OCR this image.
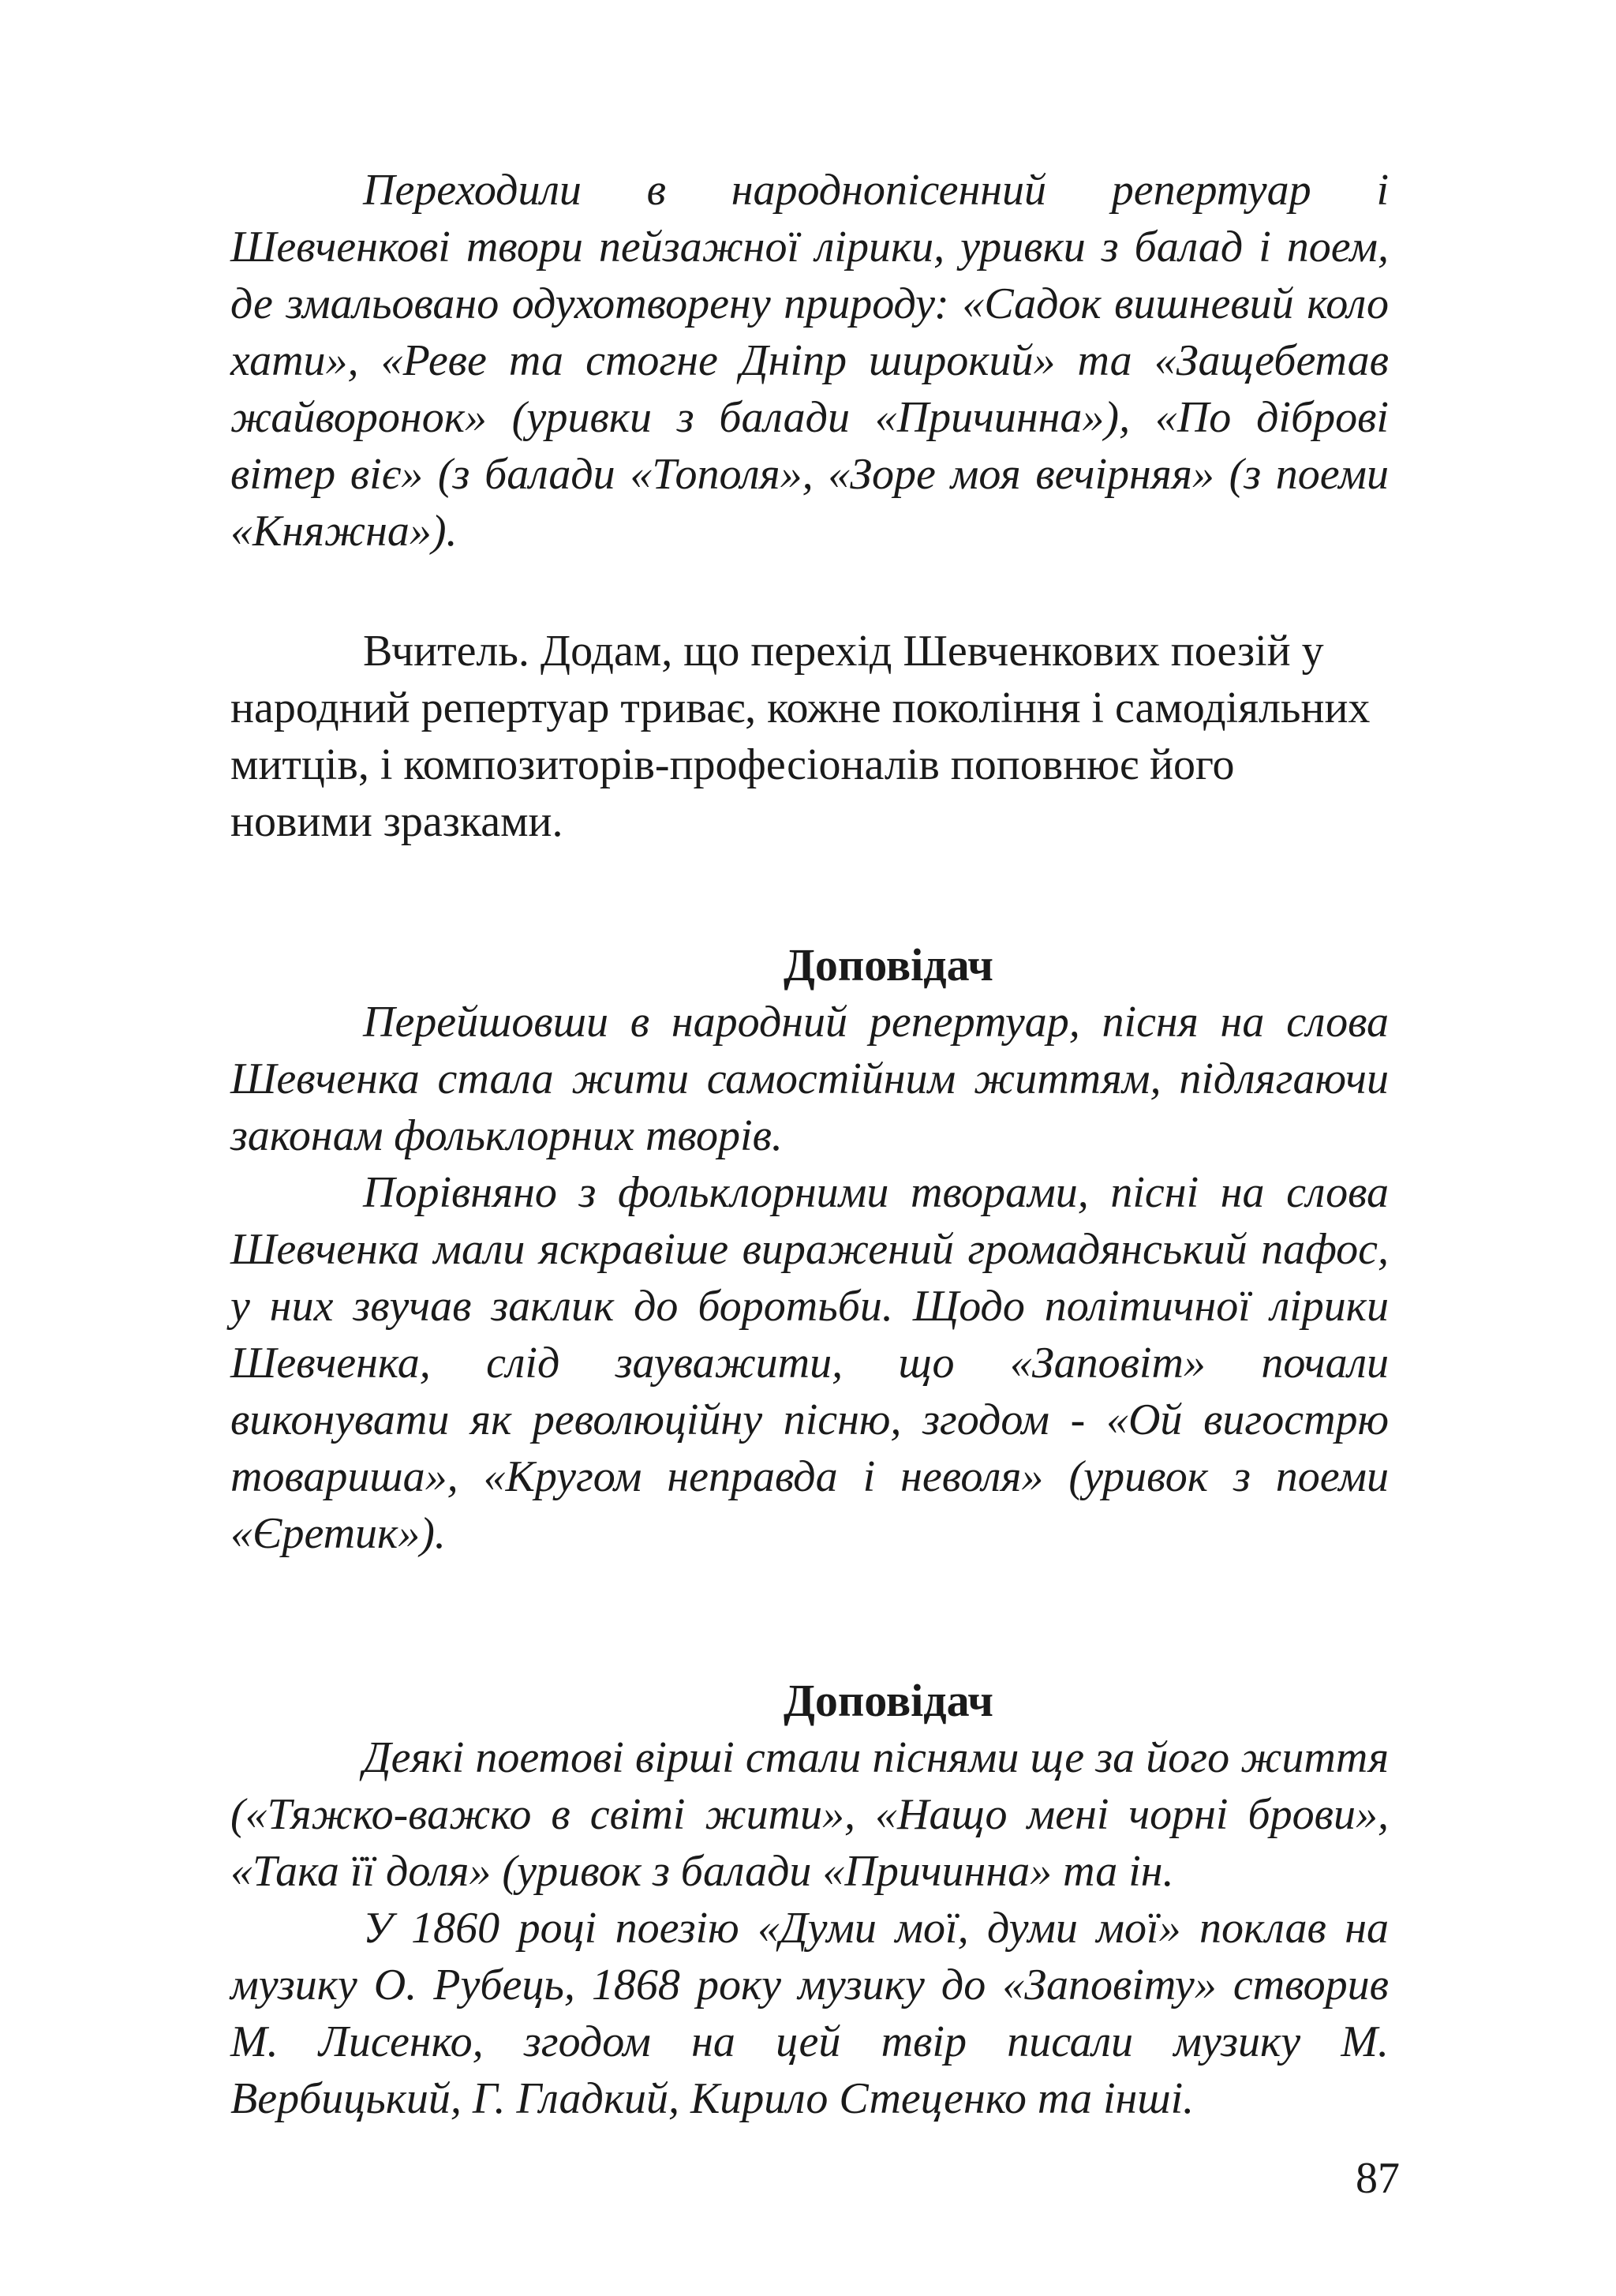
Переходили в народнопісенний репертуар і Шевченкові твори пейзажної лірики, уривки з балад і поем, де змальовано одухотворену природу: «Садок вишневий коло хати», «Реве та стогне Дніпр широкий» та «Защебетав жайворонок» (уривки з балади «Причинна»), «По діброві вітер віє» (з балади «Тополя», «Зоре моя вечірняя» (з поеми «Княжна»).

Вчитель. Додам, що перехід Шевченкових поезій у народний репертуар триває, кожне покоління і самодіяльних митців, і композиторів-професіоналів поповнює його новими зразками.

Доповідач

Перейшовши в народний репертуар, пісня на слова Шевченка стала жити самостійним життям, підлягаючи законам фольклорних творів.

Порівняно з фольклорними творами, пісні на слова Шевченка мали яскравіше виражений громадянський пафос, у них звучав заклик до боротьби. Щодо політичної лірики Шевченка, слід зауважити, що «Заповіт» почали виконувати як революційну пісню, згодом - «Ой вигострю товариша», «Кругом неправда і неволя» (уривок з поеми «Єретик»).

Доповідач

Деякі поетові вірші стали піснями ще за його життя («Тяжко-важко в світі жити», «Нащо мені чорні брови», «Така її доля» (уривок з балади «Причинна» та ін.

У 1860 році поезію «Думи мої, думи мої» поклав на музику О. Рубець, 1868 року музику до «Заповіту» створив М. Лисенко, згодом на цей твір писали музику М. Вербицький, Г. Гладкий, Кирило Стеценко та інші.

87
